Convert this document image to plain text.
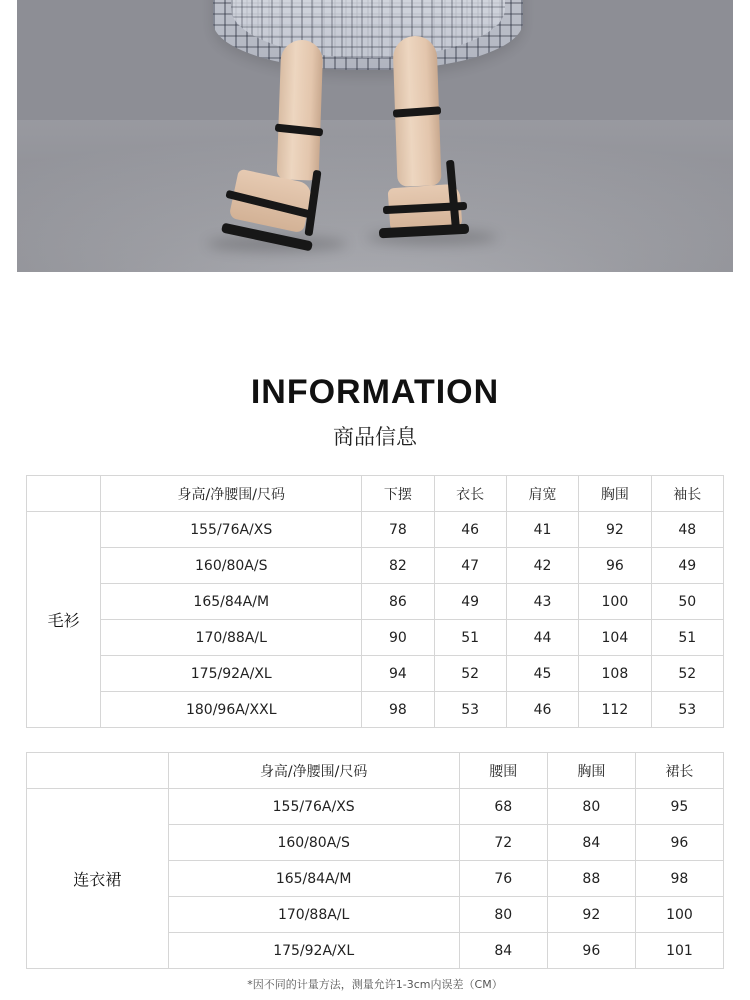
INFORMATION
商品信息
	身高/净腰围/尺码	下摆	衣长	肩宽	胸围	袖长
毛衫	155/76A/XS	78	46	41	92	48
	160/80A/S	82	47	42	96	49
	165/84A/M	86	49	43	100	50
	170/88A/L	90	51	44	104	51
	175/92A/XL	94	52	45	108	52
	180/96A/XXL	98	53	46	112	53
	身高/净腰围/尺码	腰围	胸围	裙长
连衣裙	155/76A/XS	68	80	95
	160/80A/S	72	84	96
	165/84A/M	76	88	98
	170/88A/L	80	92	100
	175/92A/XL	84	96	101
*因不同的计量方法，测量允许1-3cm内误差（CM）
